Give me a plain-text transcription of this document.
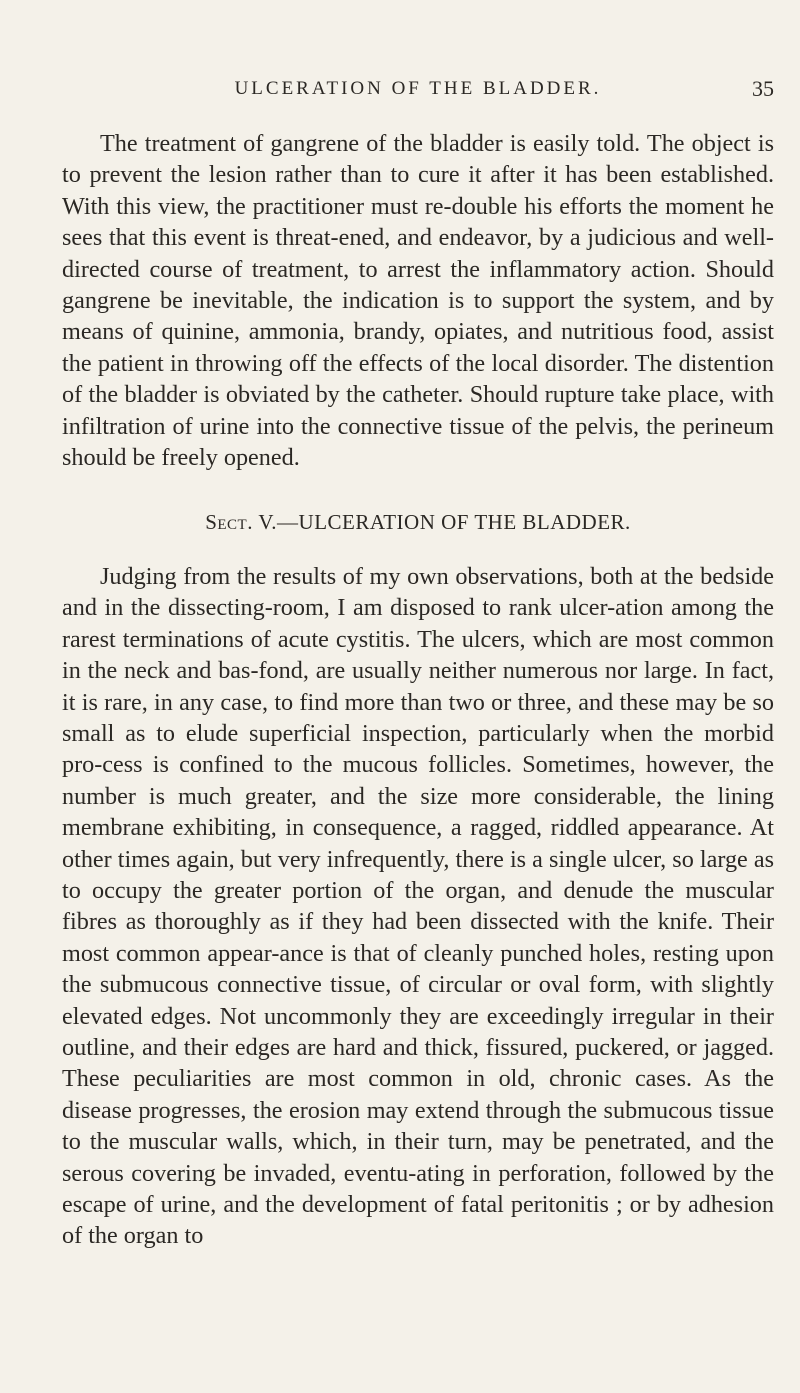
ULCERATION OF THE BLADDER.	35

The treatment of gangrene of the bladder is easily told. The object is to prevent the lesion rather than to cure it after it has been established. With this view, the practitioner must re-double his efforts the moment he sees that this event is threat-ened, and endeavor, by a judicious and well-directed course of treatment, to arrest the inflammatory action. Should gangrene be inevitable, the indication is to support the system, and by means of quinine, ammonia, brandy, opiates, and nutritious food, assist the patient in throwing off the effects of the local disorder. The distention of the bladder is obviated by the catheter. Should rupture take place, with infiltration of urine into the connective tissue of the pelvis, the perineum should be freely opened.

Sect. V.—ULCERATION OF THE BLADDER.

Judging from the results of my own observations, both at the bedside and in the dissecting-room, I am disposed to rank ulcer-ation among the rarest terminations of acute cystitis. The ulcers, which are most common in the neck and bas-fond, are usually neither numerous nor large. In fact, it is rare, in any case, to find more than two or three, and these may be so small as to elude superficial inspection, particularly when the morbid pro-cess is confined to the mucous follicles. Sometimes, however, the number is much greater, and the size more considerable, the lining membrane exhibiting, in consequence, a ragged, riddled appearance. At other times again, but very infrequently, there is a single ulcer, so large as to occupy the greater portion of the organ, and denude the muscular fibres as thoroughly as if they had been dissected with the knife. Their most common appear-ance is that of cleanly punched holes, resting upon the submucous connective tissue, of circular or oval form, with slightly elevated edges. Not uncommonly they are exceedingly irregular in their outline, and their edges are hard and thick, fissured, puckered, or jagged. These peculiarities are most common in old, chronic cases. As the disease progresses, the erosion may extend through the submucous tissue to the muscular walls, which, in their turn, may be penetrated, and the serous covering be invaded, eventu-ating in perforation, followed by the escape of urine, and the development of fatal peritonitis ; or by adhesion of the organ to
